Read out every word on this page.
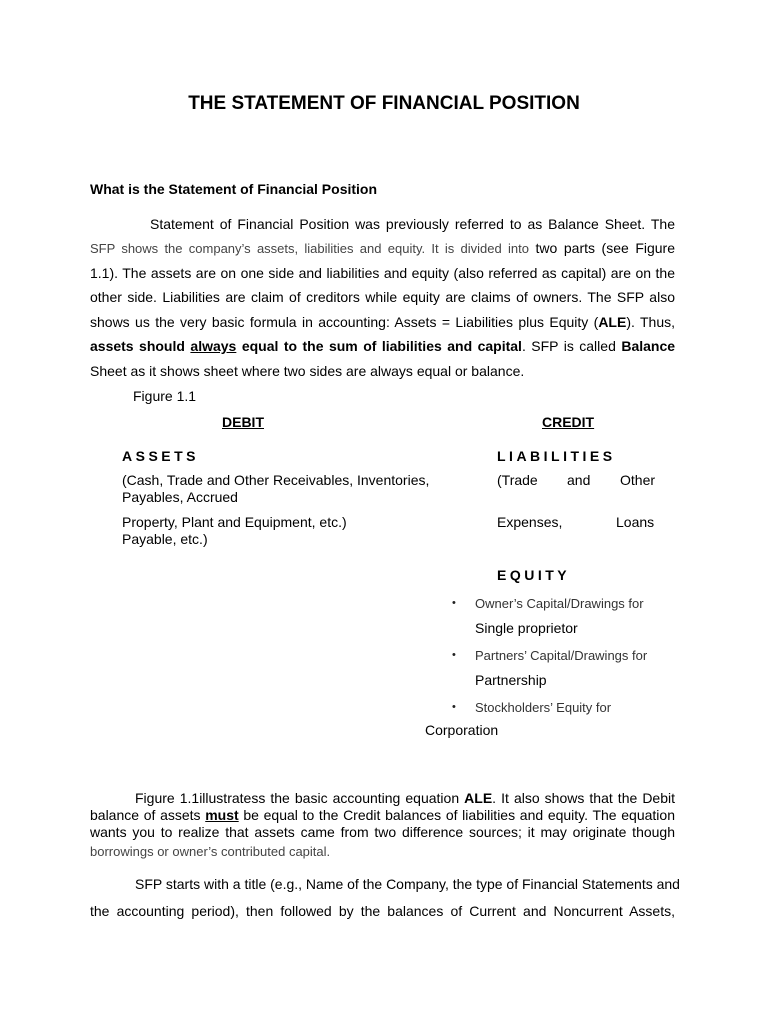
THE STATEMENT OF FINANCIAL POSITION
What is the Statement of Financial Position
Statement of Financial Position was previously referred to as Balance Sheet. The
SFP shows the company’s assets, liabilities and equity. It is divided into two parts (see Figure
1.1). The assets are on one side and liabilities and equity (also referred as capital) are on the
other side. Liabilities are claim of creditors while equity are claims of owners. The SFP also
shows us the very basic formula in accounting: Assets = Liabilities plus Equity (ALE). Thus,
assets should always equal to the sum of liabilities and capital. SFP is called Balance
Sheet as it shows sheet where two sides are always equal or balance.
Figure 1.1
DEBIT
ASSETS
(Cash, Trade and Other Receivables, Inventories,
Payables, Accrued
Property, Plant and Equipment, etc.)
Payable, etc.)
CREDIT
LIABILITIES
(Trade and Other
Expenses,	Loans
EQUITY
• Owner’s Capital/Drawings for
Single proprietor
• Partners’ Capital/Drawings for
Partnership
• Stockholders’ Equity for
Corporation
Figure 1.1illustratess the basic accounting equation ALE. It also shows that the Debit
balance of assets must be equal to the Credit balances of liabilities and equity. The equation
wants you to realize that assets came from two difference sources; it may originate though
borrowings or owner’s contributed capital.
SFP starts with a title (e.g., Name of the Company, the type of Financial Statements and
the accounting period), then followed by the balances of Current and Noncurrent Assets,
